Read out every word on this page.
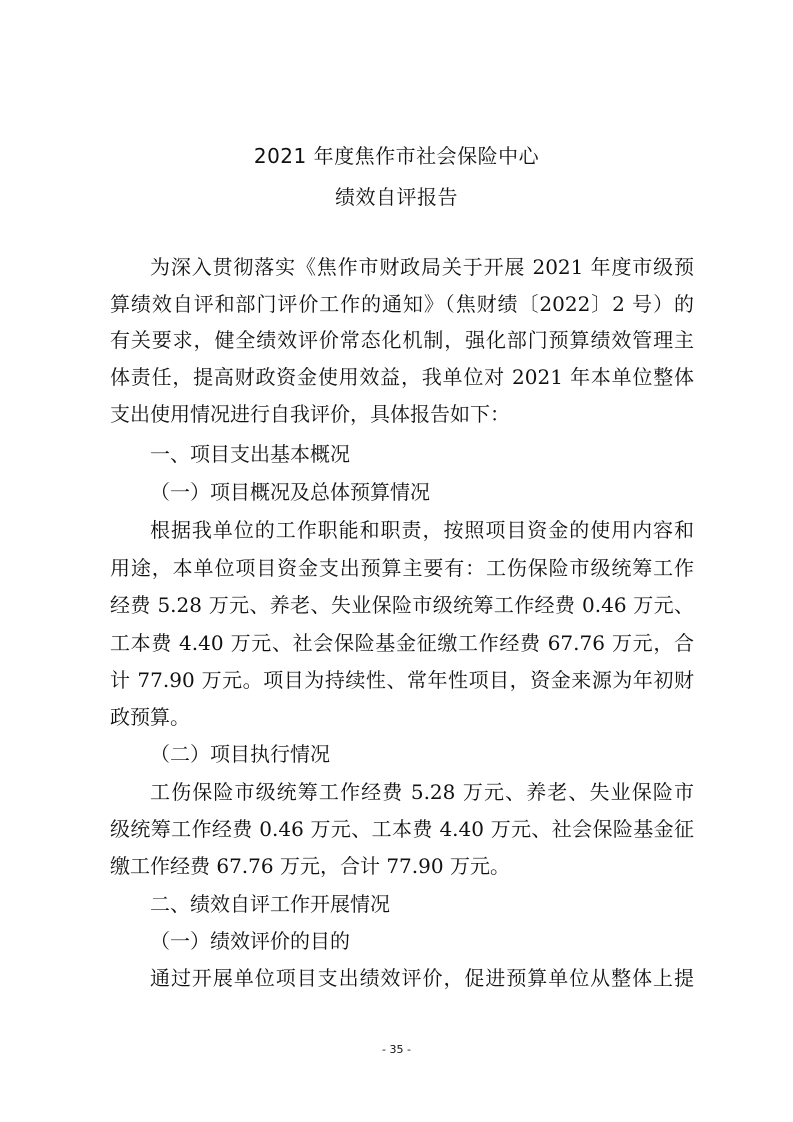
2021 年度焦作市社会保险中心
绩效自评报告
为深入贯彻落实《焦作市财政局关于开展 2021 年度市级预
算绩效自评和部门评价工作的通知》（焦财绩〔2022〕2 号）的
有关要求，健全绩效评价常态化机制，强化部门预算绩效管理主
体责任，提高财政资金使用效益，我单位对 2021 年本单位整体
支出使用情况进行自我评价，具体报告如下：
一、项目支出基本概况
（一）项目概况及总体预算情况
根据我单位的工作职能和职责，按照项目资金的使用内容和
用途，本单位项目资金支出预算主要有：工伤保险市级统筹工作
经费 5.28 万元、养老、失业保险市级统筹工作经费 0.46 万元、
工本费 4.40 万元、社会保险基金征缴工作经费 67.76 万元，合
计 77.90 万元。项目为持续性、常年性项目，资金来源为年初财
政预算。
（二）项目执行情况
工伤保险市级统筹工作经费 5.28 万元、养老、失业保险市
级统筹工作经费 0.46 万元、工本费 4.40 万元、社会保险基金征
缴工作经费 67.76 万元，合计 77.90 万元。
二、绩效自评工作开展情况
（一）绩效评价的目的
通过开展单位项目支出绩效评价，促进预算单位从整体上提
- 35 -
